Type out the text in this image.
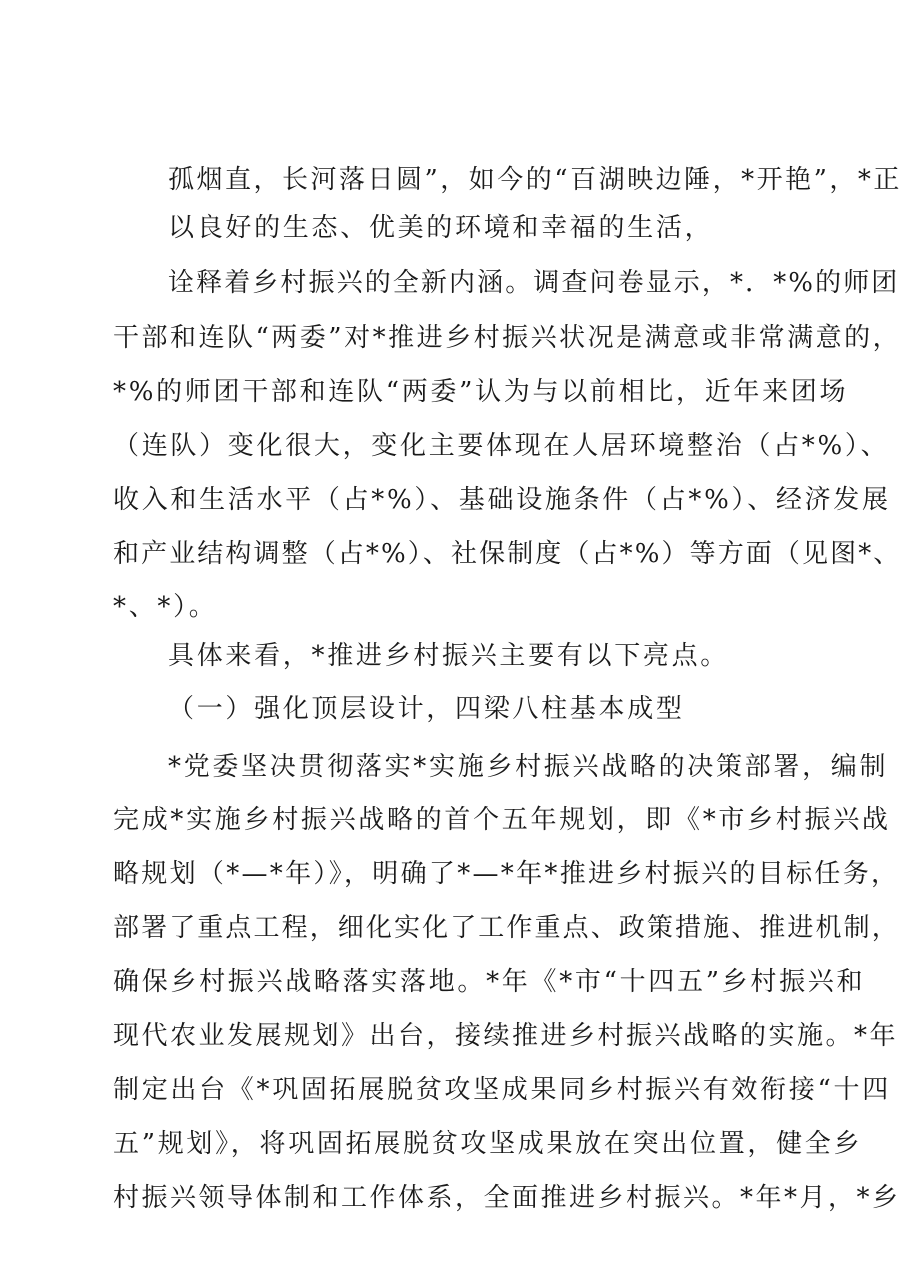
孤烟直，长河落日圆”，如今的“百湖映边陲，*开艳”，*正

以良好的生态、优美的环境和幸福的生活，

诠释着乡村振兴的全新内涵。调查问卷显示，*．*%的师团

干部和连队“两委”对*推进乡村振兴状况是满意或非常满意的，

*%的师团干部和连队“两委”认为与以前相比，近年来团场

（连队）变化很大，变化主要体现在人居环境整治（占*%）、

收入和生活水平（占*%）、基础设施条件（占*%）、经济发展

和产业结构调整（占*%）、社保制度（占*%）等方面（见图*、

*、*）。

具体来看，*推进乡村振兴主要有以下亮点。

（一）强化顶层设计，四梁八柱基本成型

*党委坚决贯彻落实*实施乡村振兴战略的决策部署，编制

完成*实施乡村振兴战略的首个五年规划，即《*市乡村振兴战

略规划（*—*年）》，明确了*—*年*推进乡村振兴的目标任务，

部署了重点工程，细化实化了工作重点、政策措施、推进机制，

确保乡村振兴战略落实落地。*年《*市“十四五”乡村振兴和

现代农业发展规划》出台，接续推进乡村振兴战略的实施。*年

制定出台《*巩固拓展脱贫攻坚成果同乡村振兴有效衔接“十四

五”规划》，将巩固拓展脱贫攻坚成果放在突出位置，健全乡

村振兴领导体制和工作体系，全面推进乡村振兴。*年*月，*乡
